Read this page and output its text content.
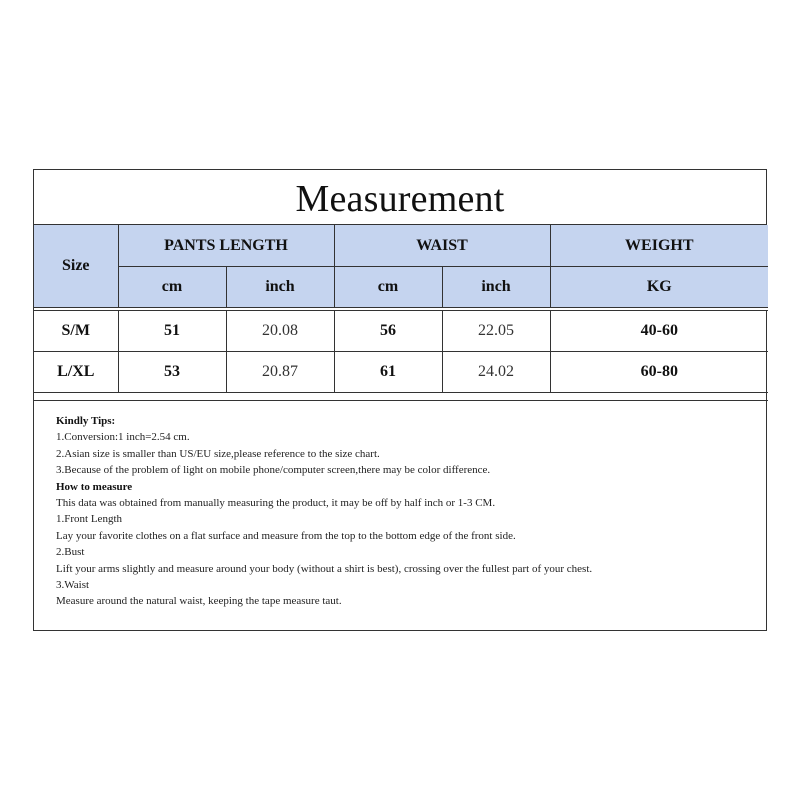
Measurement
Size	PANTS LENGTH		WAIST		WEIGHT
	cm	inch	cm	inch	KG

S/M	51	20.08	56	22.05	40-60
L/XL	53	20.87	61	24.02	60-80

Kindly Tips:
1.Conversion:1 inch=2.54 cm.
2.Asian size is smaller than US/EU size,please reference to the size chart.
3.Because of the problem of light on mobile phone/computer screen,there may be color difference.
How to measure
This data was obtained from manually measuring the product, it may be off by half inch or 1-3 CM.
1.Front Length
Lay your favorite clothes on a flat surface and measure from the top to the bottom edge of the front side.
2.Bust
Lift your arms slightly and measure around your body (without a shirt is best), crossing over the fullest part of your chest.
3.Waist
Measure around the natural waist, keeping the tape measure taut.
